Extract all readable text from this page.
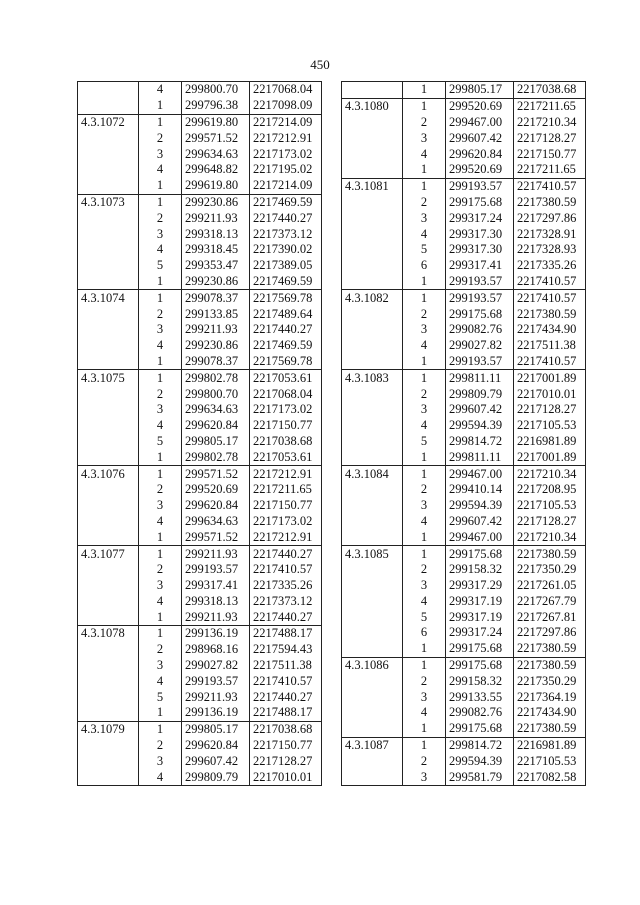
450
	4	299800.70	2217068.04
	1	299796.38	2217098.09
4.3.1072	1	299619.80	2217214.09
	2	299571.52	2217212.91
	3	299634.63	2217173.02
	4	299648.82	2217195.02
	1	299619.80	2217214.09
4.3.1073	1	299230.86	2217469.59
	2	299211.93	2217440.27
	3	299318.13	2217373.12
	4	299318.45	2217390.02
	5	299353.47	2217389.05
	1	299230.86	2217469.59
4.3.1074	1	299078.37	2217569.78
	2	299133.85	2217489.64
	3	299211.93	2217440.27
	4	299230.86	2217469.59
	1	299078.37	2217569.78
4.3.1075	1	299802.78	2217053.61
	2	299800.70	2217068.04
	3	299634.63	2217173.02
	4	299620.84	2217150.77
	5	299805.17	2217038.68
	1	299802.78	2217053.61
4.3.1076	1	299571.52	2217212.91
	2	299520.69	2217211.65
	3	299620.84	2217150.77
	4	299634.63	2217173.02
	1	299571.52	2217212.91
4.3.1077	1	299211.93	2217440.27
	2	299193.57	2217410.57
	3	299317.41	2217335.26
	4	299318.13	2217373.12
	1	299211.93	2217440.27
4.3.1078	1	299136.19	2217488.17
	2	298968.16	2217594.43
	3	299027.82	2217511.38
	4	299193.57	2217410.57
	5	299211.93	2217440.27
	1	299136.19	2217488.17
4.3.1079	1	299805.17	2217038.68
	2	299620.84	2217150.77
	3	299607.42	2217128.27
	4	299809.79	2217010.01
	1	299805.17	2217038.68
4.3.1080	1	299520.69	2217211.65
	2	299467.00	2217210.34
	3	299607.42	2217128.27
	4	299620.84	2217150.77
	1	299520.69	2217211.65
4.3.1081	1	299193.57	2217410.57
	2	299175.68	2217380.59
	3	299317.24	2217297.86
	4	299317.30	2217328.91
	5	299317.30	2217328.93
	6	299317.41	2217335.26
	1	299193.57	2217410.57
4.3.1082	1	299193.57	2217410.57
	2	299175.68	2217380.59
	3	299082.76	2217434.90
	4	299027.82	2217511.38
	1	299193.57	2217410.57
4.3.1083	1	299811.11	2217001.89
	2	299809.79	2217010.01
	3	299607.42	2217128.27
	4	299594.39	2217105.53
	5	299814.72	2216981.89
	1	299811.11	2217001.89
4.3.1084	1	299467.00	2217210.34
	2	299410.14	2217208.95
	3	299594.39	2217105.53
	4	299607.42	2217128.27
	1	299467.00	2217210.34
4.3.1085	1	299175.68	2217380.59
	2	299158.32	2217350.29
	3	299317.29	2217261.05
	4	299317.19	2217267.79
	5	299317.19	2217267.81
	6	299317.24	2217297.86
	1	299175.68	2217380.59
4.3.1086	1	299175.68	2217380.59
	2	299158.32	2217350.29
	3	299133.55	2217364.19
	4	299082.76	2217434.90
	1	299175.68	2217380.59
4.3.1087	1	299814.72	2216981.89
	2	299594.39	2217105.53
	3	299581.79	2217082.58
